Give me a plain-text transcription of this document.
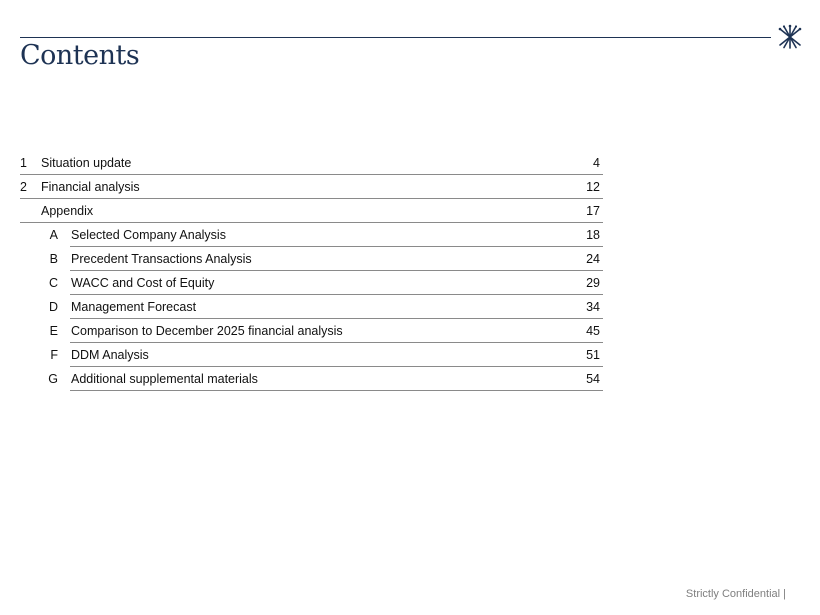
Contents
1 Situation update	4
2 Financial analysis	12
Appendix	17
A Selected Company Analysis	18
B Precedent Transactions Analysis	24
C WACC and Cost of Equity	29
D Management Forecast	34
E Comparison to December 2025 financial analysis	45
F DDM Analysis	51
G Additional supplemental materials	54
Strictly Confidential |
